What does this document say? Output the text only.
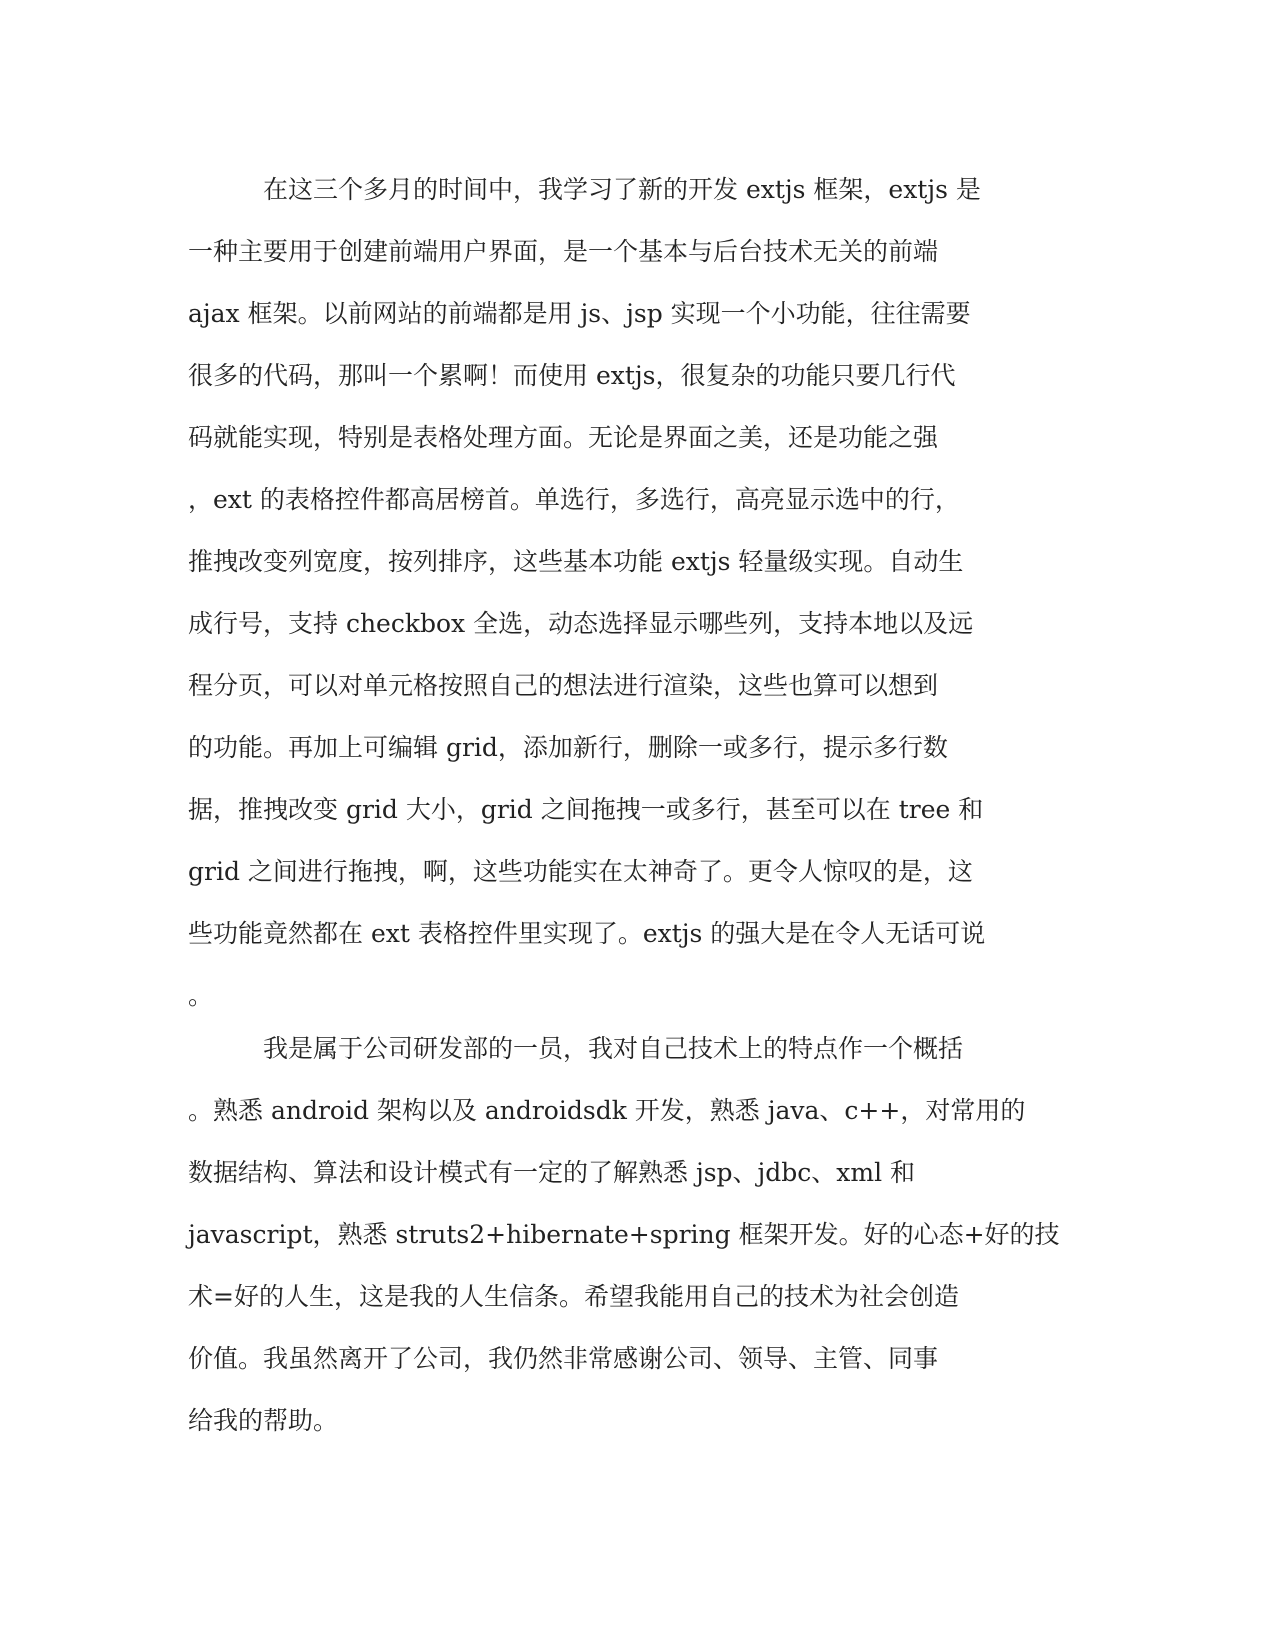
在这三个多月的时间中，我学习了新的开发 extjs 框架，extjs 是
一种主要用于创建前端用户界面，是一个基本与后台技术无关的前端
ajax 框架。以前网站的前端都是用 js、jsp 实现一个小功能，往往需要
很多的代码，那叫一个累啊！而使用 extjs，很复杂的功能只要几行代
码就能实现，特别是表格处理方面。无论是界面之美，还是功能之强
，ext 的表格控件都高居榜首。单选行，多选行，高亮显示选中的行，
推拽改变列宽度，按列排序，这些基本功能 extjs 轻量级实现。自动生
成行号，支持 checkbox 全选，动态选择显示哪些列，支持本地以及远
程分页，可以对单元格按照自己的想法进行渲染，这些也算可以想到
的功能。再加上可编辑 grid，添加新行，删除一或多行，提示多行数
据，推拽改变 grid 大小，grid 之间拖拽一或多行，甚至可以在 tree 和
grid 之间进行拖拽，啊，这些功能实在太神奇了。更令人惊叹的是，这
些功能竟然都在 ext 表格控件里实现了。extjs 的强大是在令人无话可说
。
我是属于公司研发部的一员，我对自己技术上的特点作一个概括
。熟悉 android 架构以及 androidsdk 开发，熟悉 java、c++，对常用的
数据结构、算法和设计模式有一定的了解熟悉 jsp、jdbc、xml 和
javascript，熟悉 struts2+hibernate+spring 框架开发。好的心态+好的技
术=好的人生，这是我的人生信条。希望我能用自己的技术为社会创造
价值。我虽然离开了公司，我仍然非常感谢公司、领导、主管、同事
给我的帮助。
